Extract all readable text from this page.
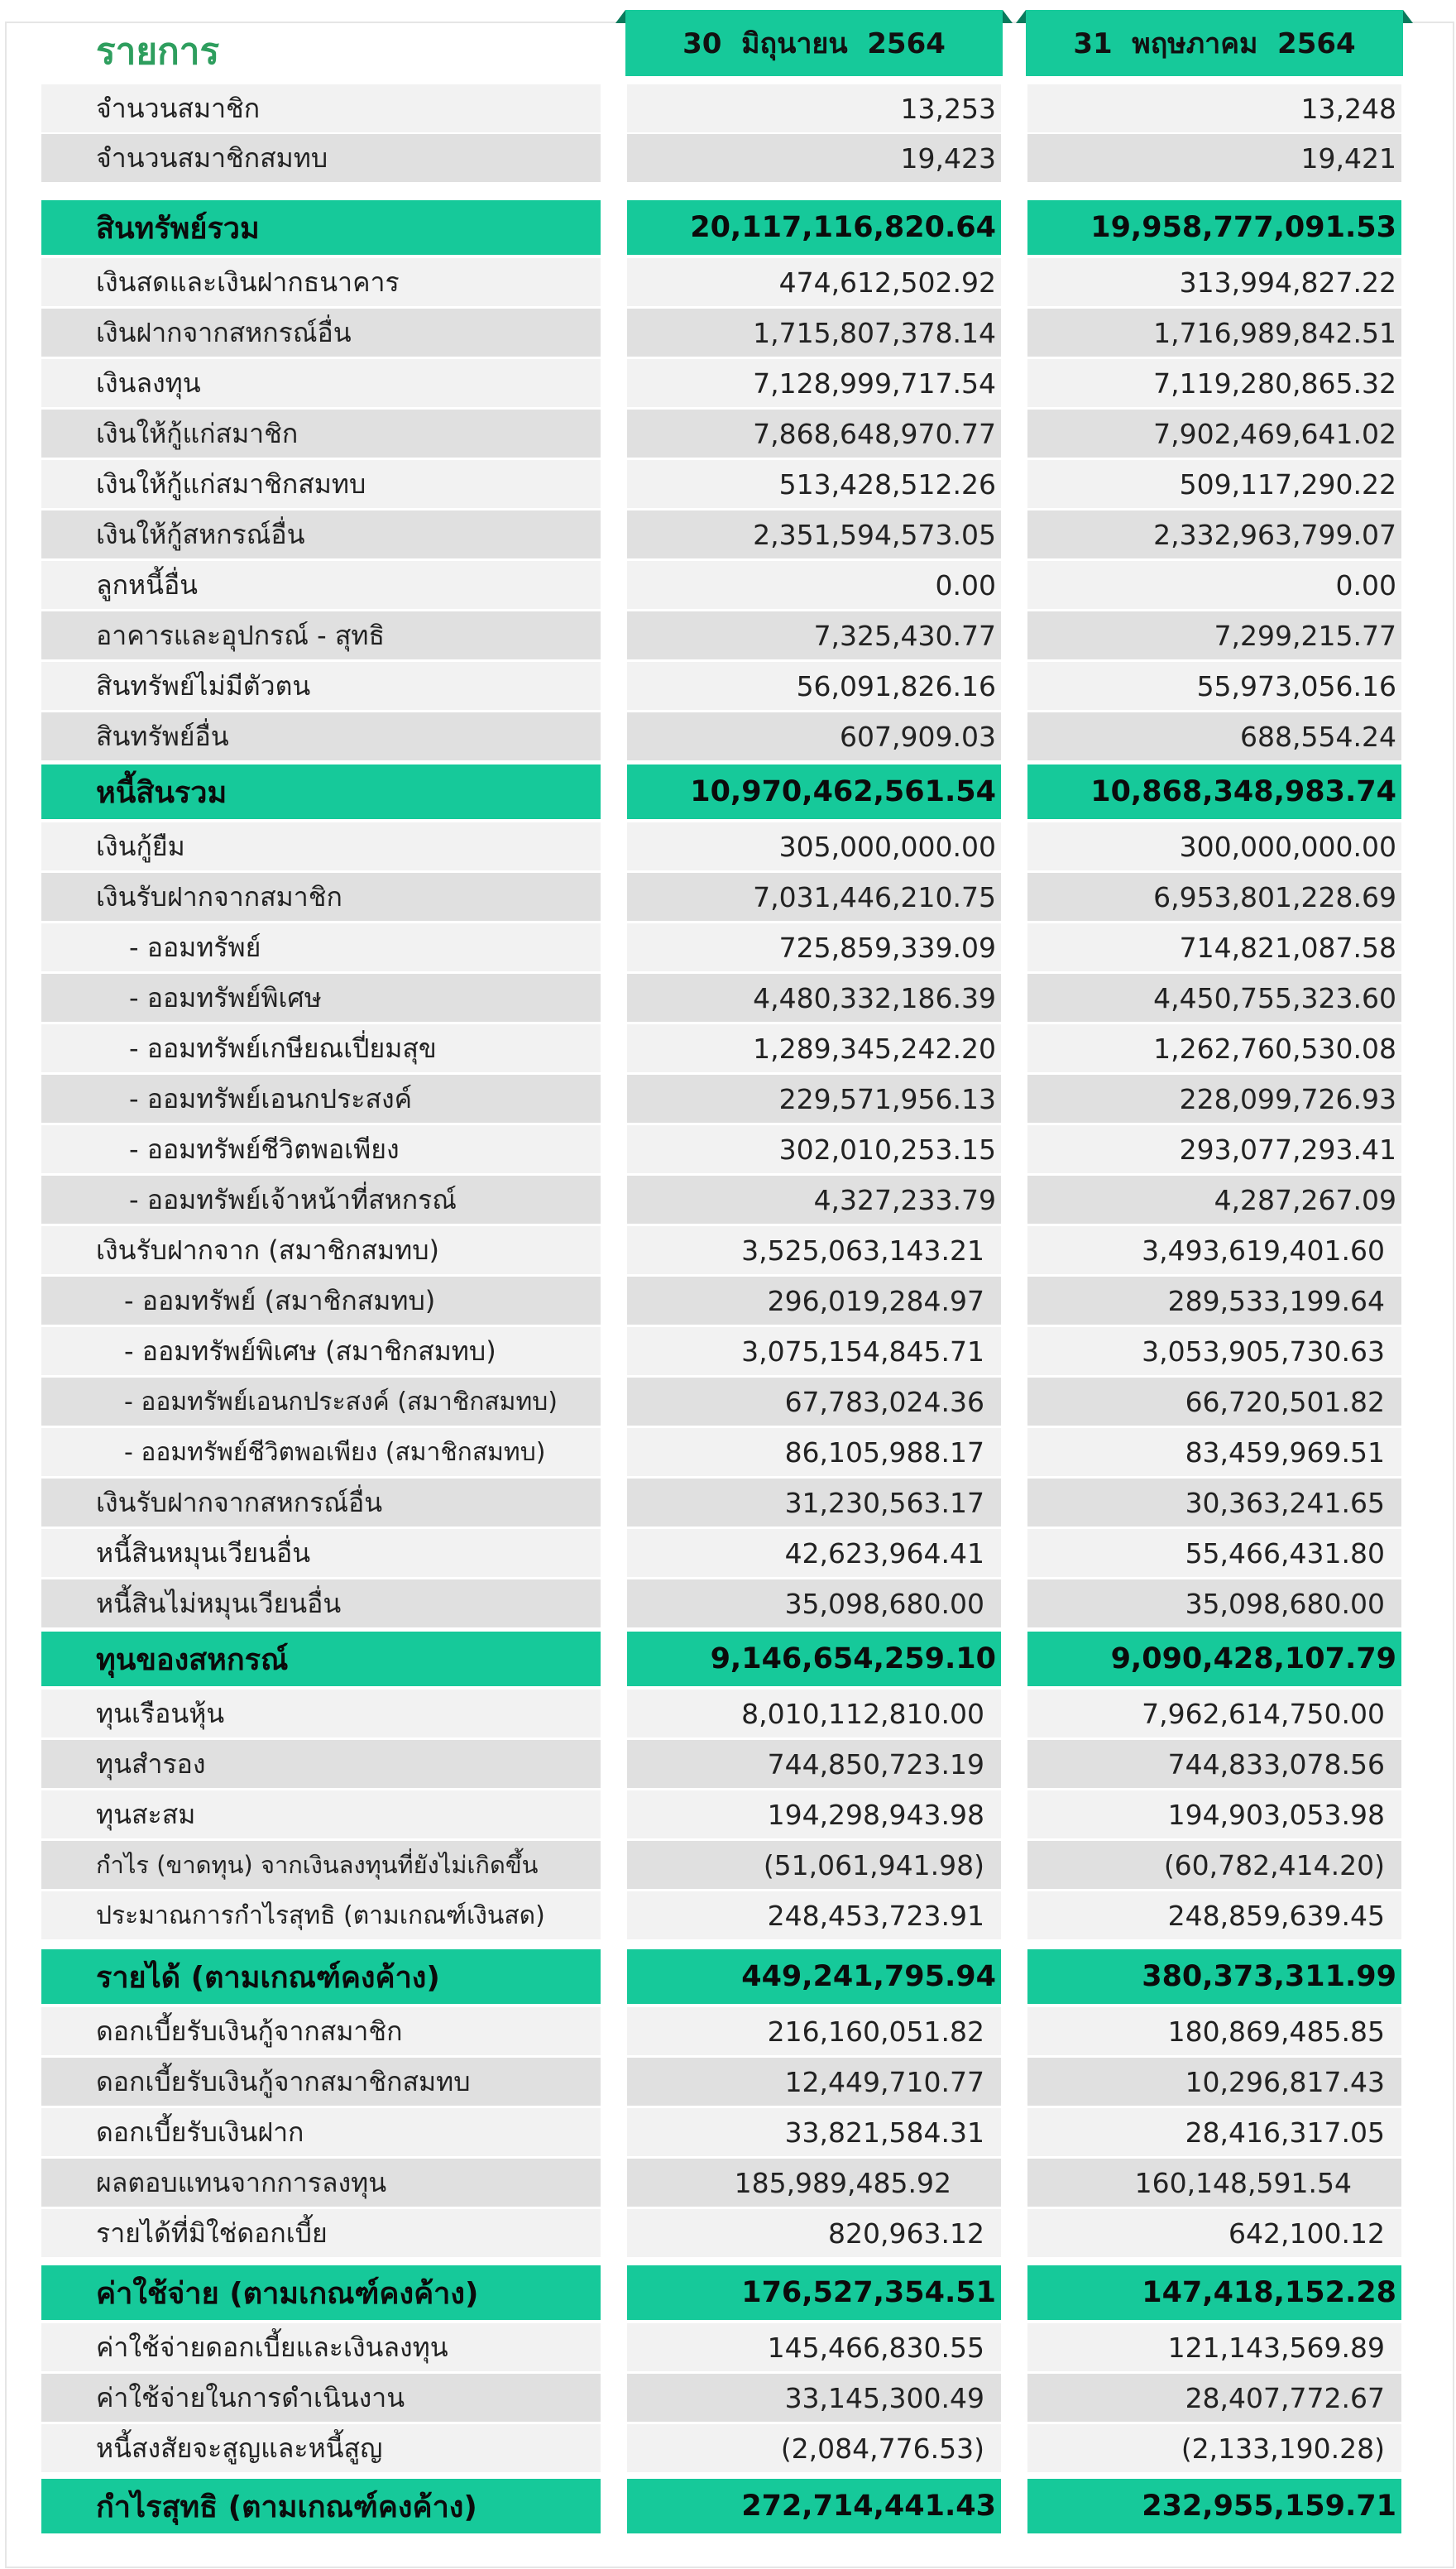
รายการ	30  มิถุนายน  2564	31  พฤษภาคม  2564
จำนวนสมาชิก	13,253	13,248
จำนวนสมาชิกสมทบ	19,423	19,421
สินทรัพย์รวม	20,117,116,820.64	19,958,777,091.53
เงินสดและเงินฝากธนาคาร	474,612,502.92	313,994,827.22
เงินฝากจากสหกรณ์อื่น	1,715,807,378.14	1,716,989,842.51
เงินลงทุน	7,128,999,717.54	7,119,280,865.32
เงินให้กู้แก่สมาชิก	7,868,648,970.77	7,902,469,641.02
เงินให้กู้แก่สมาชิกสมทบ	513,428,512.26	509,117,290.22
เงินให้กู้สหกรณ์อื่น	2,351,594,573.05	2,332,963,799.07
ลูกหนี้อื่น	0.00	0.00
อาคารและอุปกรณ์ - สุทธิ	7,325,430.77	7,299,215.77
สินทรัพย์ไม่มีตัวตน	56,091,826.16	55,973,056.16
สินทรัพย์อื่น	607,909.03	688,554.24
หนี้สินรวม	10,970,462,561.54	10,868,348,983.74
เงินกู้ยืม	305,000,000.00	300,000,000.00
เงินรับฝากจากสมาชิก	7,031,446,210.75	6,953,801,228.69
- ออมทรัพย์	725,859,339.09	714,821,087.58
- ออมทรัพย์พิเศษ	4,480,332,186.39	4,450,755,323.60
- ออมทรัพย์เกษียณเปี่ยมสุข	1,289,345,242.20	1,262,760,530.08
- ออมทรัพย์เอนกประสงค์	229,571,956.13	228,099,726.93
- ออมทรัพย์ชีวิตพอเพียง	302,010,253.15	293,077,293.41
- ออมทรัพย์เจ้าหน้าที่สหกรณ์	4,327,233.79	4,287,267.09
เงินรับฝากจาก (สมาชิกสมทบ)	3,525,063,143.21	3,493,619,401.60
- ออมทรัพย์ (สมาชิกสมทบ)	296,019,284.97	289,533,199.64
- ออมทรัพย์พิเศษ (สมาชิกสมทบ)	3,075,154,845.71	3,053,905,730.63
- ออมทรัพย์เอนกประสงค์ (สมาชิกสมทบ)	67,783,024.36	66,720,501.82
- ออมทรัพย์ชีวิตพอเพียง (สมาชิกสมทบ)	86,105,988.17	83,459,969.51
เงินรับฝากจากสหกรณ์อื่น	31,230,563.17	30,363,241.65
หนี้สินหมุนเวียนอื่น	42,623,964.41	55,466,431.80
หนี้สินไม่หมุนเวียนอื่น	35,098,680.00	35,098,680.00
ทุนของสหกรณ์	9,146,654,259.10	9,090,428,107.79
ทุนเรือนหุ้น	8,010,112,810.00	7,962,614,750.00
ทุนสำรอง	744,850,723.19	744,833,078.56
ทุนสะสม	194,298,943.98	194,903,053.98
กำไร (ขาดทุน) จากเงินลงทุนที่ยังไม่เกิดขึ้น	(51,061,941.98)	(60,782,414.20)
ประมาณการกำไรสุทธิ (ตามเกณฑ์เงินสด)	248,453,723.91	248,859,639.45
รายได้ (ตามเกณฑ์คงค้าง)	449,241,795.94	380,373,311.99
ดอกเบี้ยรับเงินกู้จากสมาชิก	216,160,051.82	180,869,485.85
ดอกเบี้ยรับเงินกู้จากสมาชิกสมทบ	12,449,710.77	10,296,817.43
ดอกเบี้ยรับเงินฝาก	33,821,584.31	28,416,317.05
ผลตอบแทนจากการลงทุน	185,989,485.92	160,148,591.54
รายได้ที่มิใช่ดอกเบี้ย	820,963.12	642,100.12
ค่าใช้จ่าย (ตามเกณฑ์คงค้าง)	176,527,354.51	147,418,152.28
ค่าใช้จ่ายดอกเบี้ยและเงินลงทุน	145,466,830.55	121,143,569.89
ค่าใช้จ่ายในการดำเนินงาน	33,145,300.49	28,407,772.67
หนี้สงสัยจะสูญและหนี้สูญ	(2,084,776.53)	(2,133,190.28)
กำไรสุทธิ (ตามเกณฑ์คงค้าง)	272,714,441.43	232,955,159.71
